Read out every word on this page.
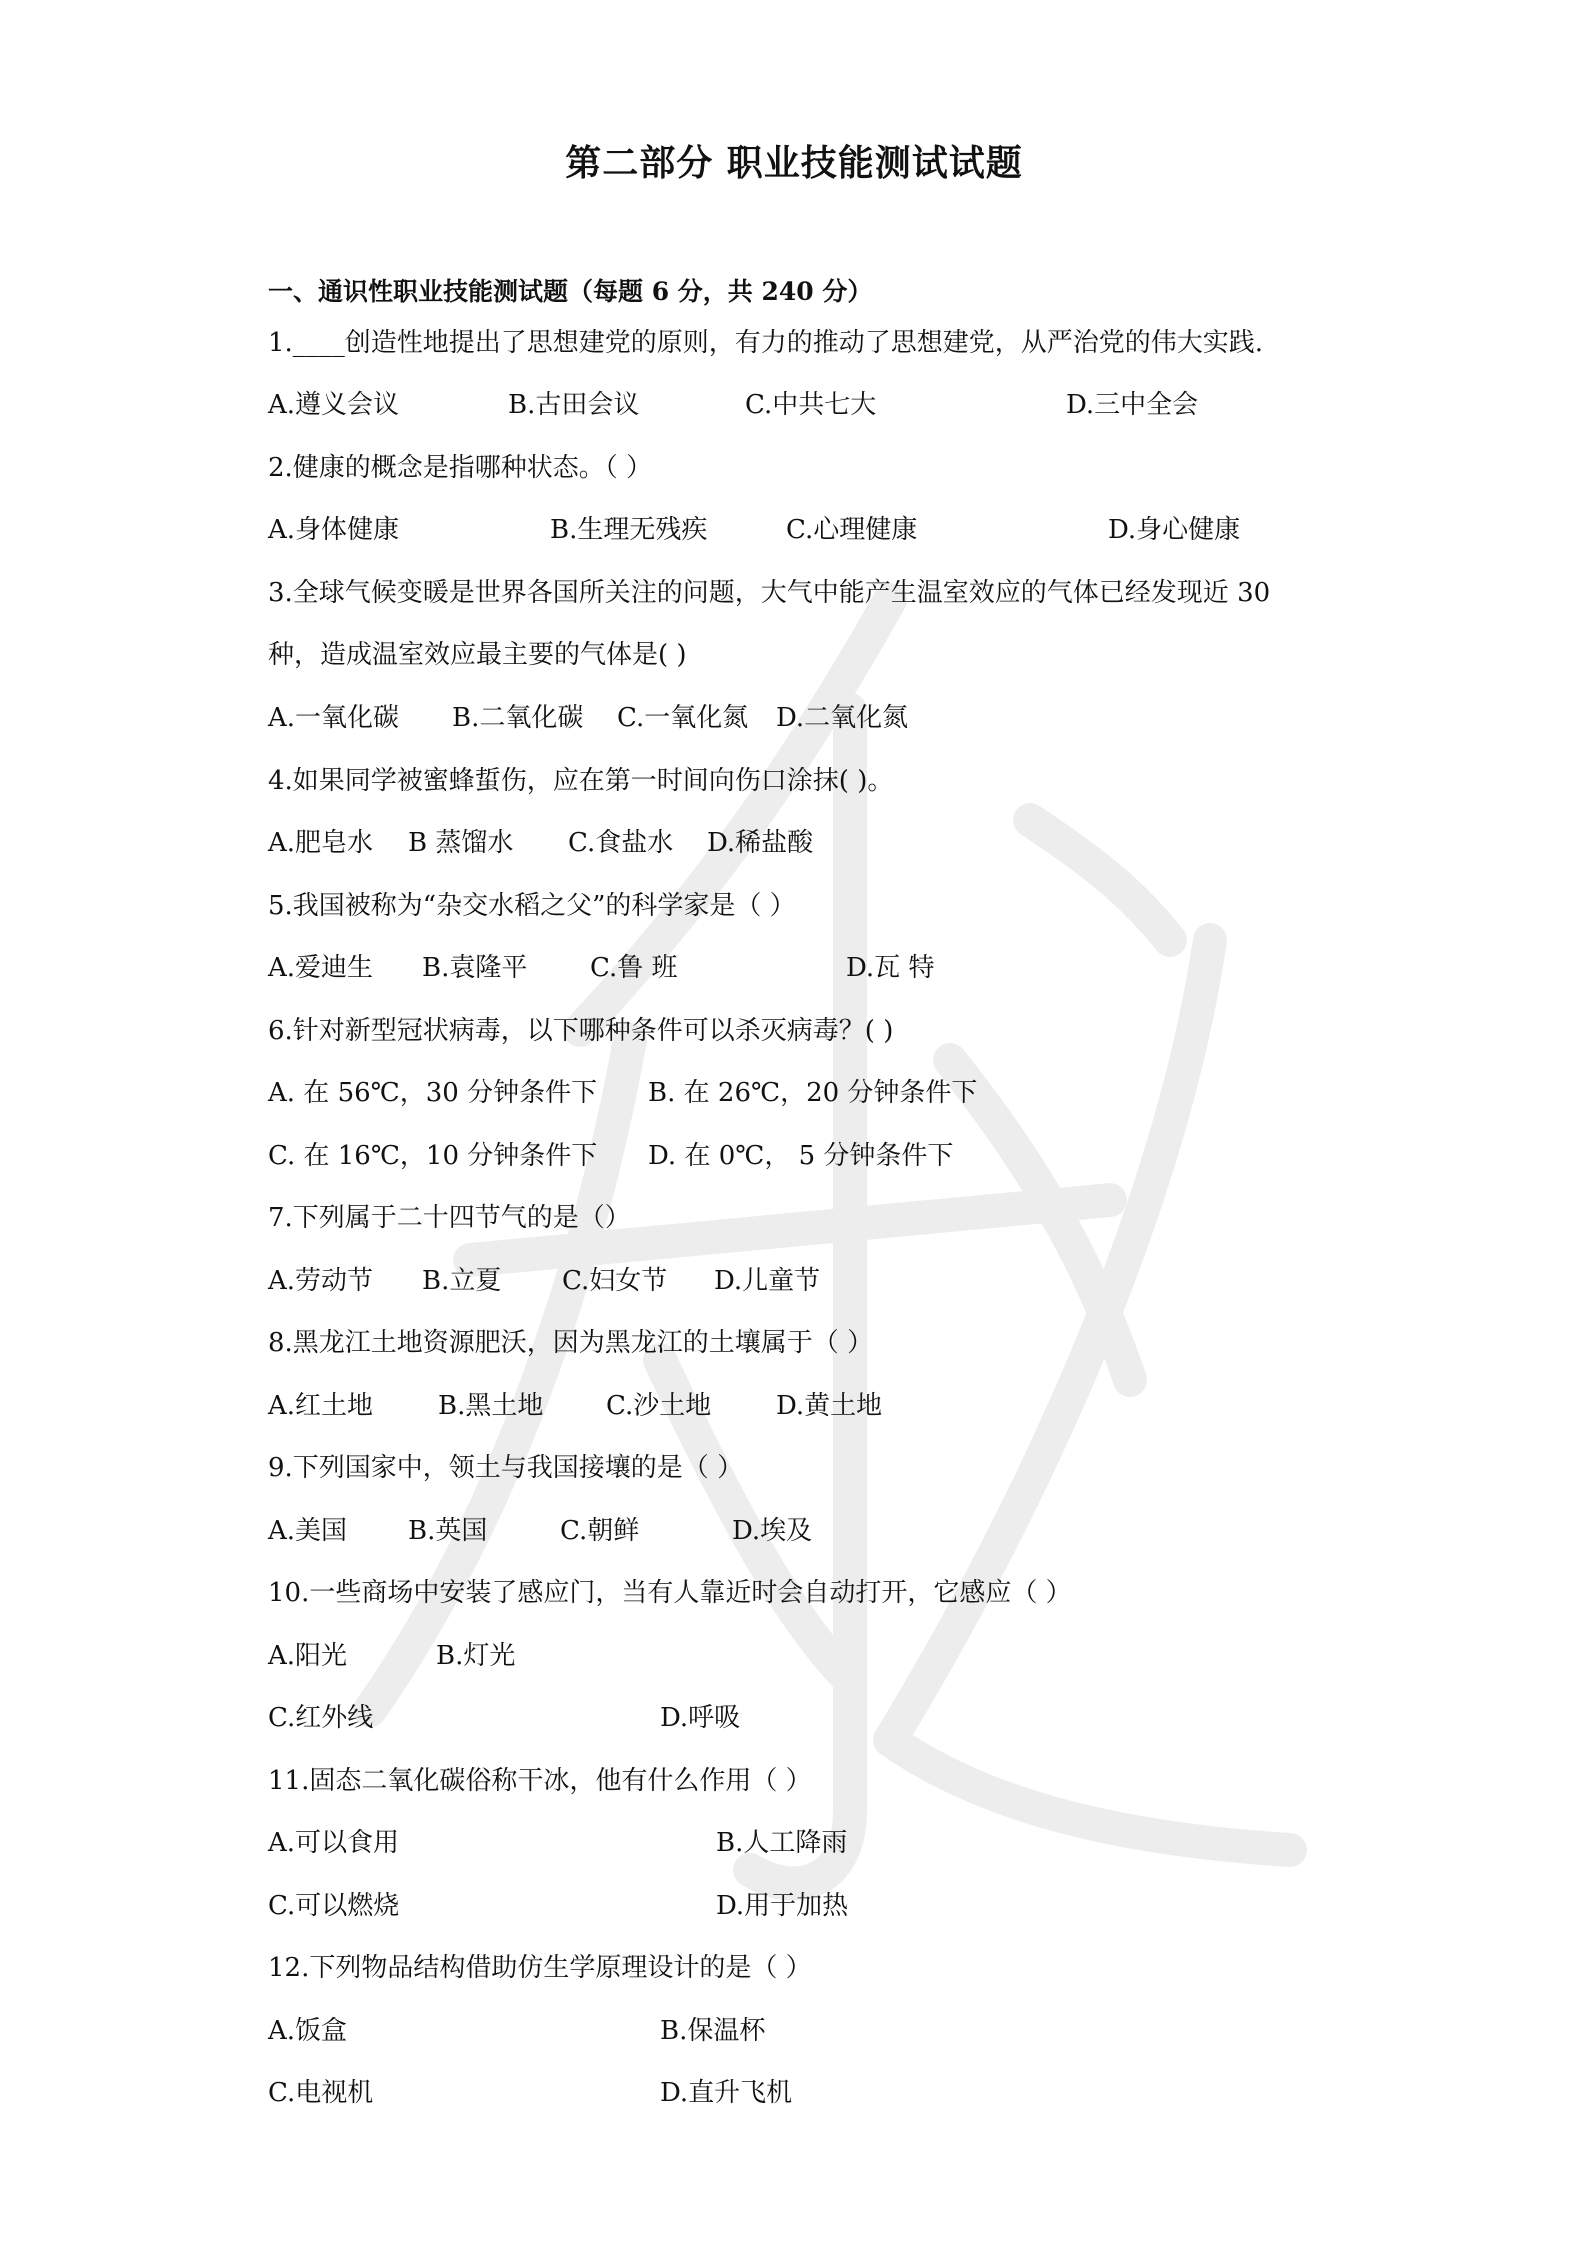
第二部分 职业技能测试试题
一、通识性职业技能测试题（每题 6 分，共 240 分）
1.____创造性地提出了思想建党的原则，有力的推动了思想建党，从严治党的伟大实践.
A.遵义会议	B.古田会议	C.中共七大	D.三中全会
2.健康的概念是指哪种状态。（ ）
A.身体健康	B.生理无残疾	C.心理健康	D.身心健康
3.全球气候变暖是世界各国所关注的问题，大气中能产生温室效应的气体已经发现近 30
种，造成温室效应最主要的气体是( )
A.一氧化碳 B.二氧化碳 C.一氧化氮 D.二氧化氮
4.如果同学被蜜蜂蜇伤，应在第一时间向伤口涂抹( )。
A.肥皂水 B 蒸馏水 C.食盐水 D.稀盐酸
5.我国被称为“杂交水稻之父”的科学家是（ ）
A.爱迪生 B.袁隆平 C.鲁 班	D.瓦 特
6.针对新型冠状病毒，以下哪种条件可以杀灭病毒？( )
A. 在 56℃，30 分钟条件下 B. 在 26℃，20 分钟条件下
C. 在 16℃，10 分钟条件下 D. 在 0℃， 5 分钟条件下
7.下列属于二十四节气的是（）
A.劳动节 B.立夏 C.妇女节 D.儿童节
8.黑龙江土地资源肥沃，因为黑龙江的土壤属于（ ）
A.红土地 B.黑土地 C.沙土地 D.黄土地
9.下列国家中，领土与我国接壤的是（ ）
A.美国 B.英国	C.朝鲜	D.埃及
10.一些商场中安装了感应门，当有人靠近时会自动打开，它感应（ ）
A.阳光	B.灯光
C.红外线	D.呼吸
11.固态二氧化碳俗称干冰，他有什么作用（ ）
A.可以食用	B.人工降雨
C.可以燃烧	D.用于加热
12.下列物品结构借助仿生学原理设计的是（ ）
A.饭盒	B.保温杯
C.电视机	D.直升飞机
